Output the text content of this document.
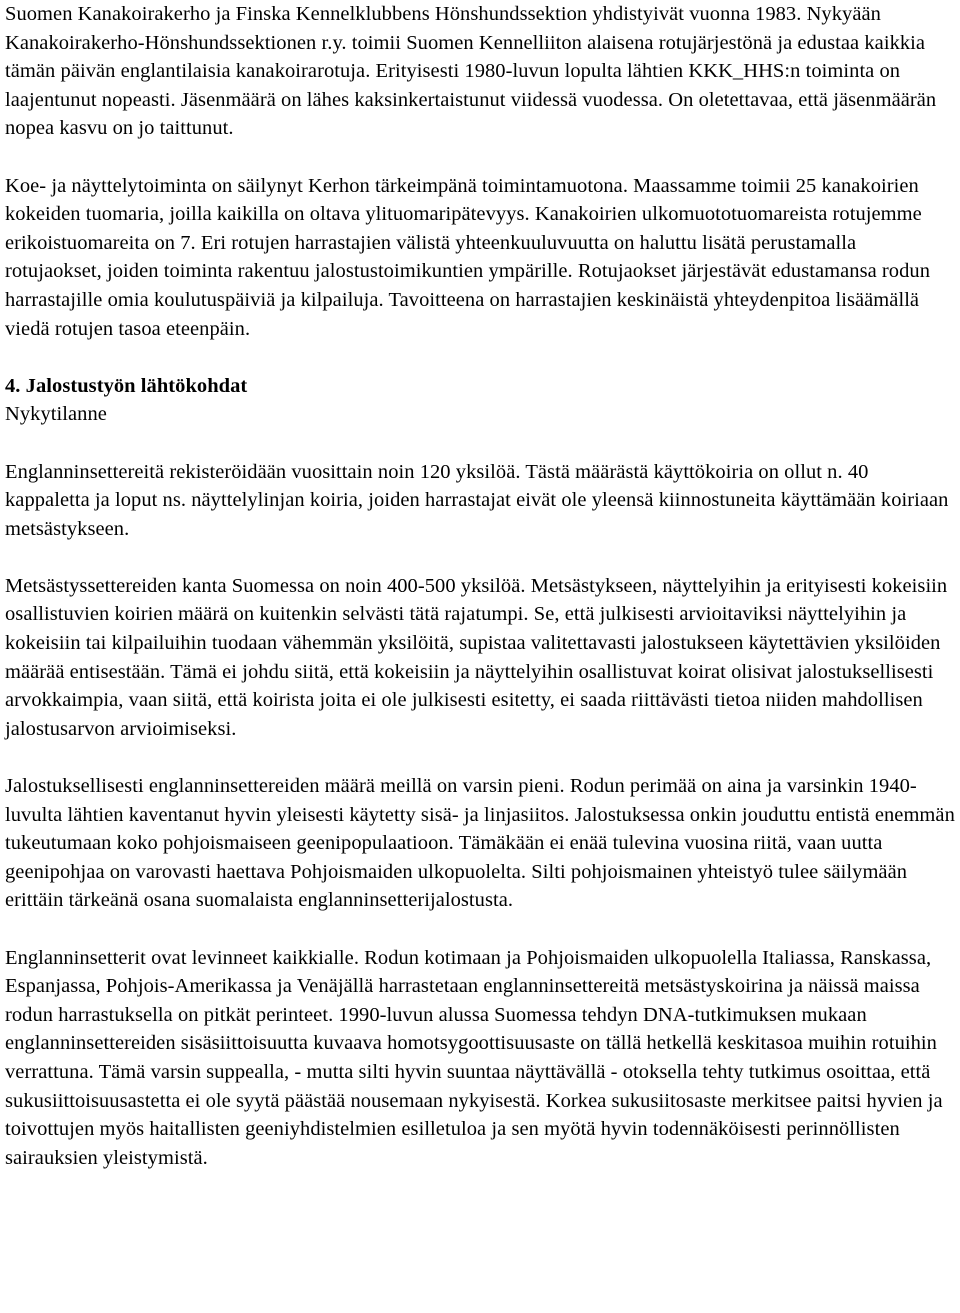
Suomen Kanakoirakerho ja Finska Kennelklubbens Hönshundssektion yhdistyivät vuonna 1983. Nykyään Kanakoirakerho-Hönshundssektionen r.y. toimii Suomen Kennelliiton alaisena rotujärjestönä ja edustaa kaikkia tämän päivän englantilaisia kanakoirarotuja. Erityisesti 1980-luvun lopulta lähtien KKK_HHS:n toiminta on laajentunut nopeasti. Jäsenmäärä on lähes kaksinkertaistunut viidessä vuodessa. On oletettavaa, että jäsenmäärän nopea kasvu on jo taittunut.

Koe- ja näyttelytoiminta on säilynyt Kerhon tärkeimpänä toimintamuotona. Maassamme toimii 25 kanakoirien kokeiden tuomaria, joilla kaikilla on oltava ylituomaripätevyys. Kanakoirien ulkomuototuomareista rotujemme erikoistuomareita on 7. Eri rotujen harrastajien välistä yhteenkuuluvuutta on haluttu lisätä perustamalla rotujaokset, joiden toiminta rakentuu jalostustoimikuntien ympärille. Rotujaokset järjestävät edustamansa rodun harrastajille omia koulutuspäiviä ja kilpailuja. Tavoitteena on harrastajien keskinäistä yhteydenpitoa lisäämällä viedä rotujen tasoa eteenpäin.

4. Jalostustyön lähtökohdat

Nykytilanne

Englanninsettereitä rekisteröidään vuosittain noin 120 yksilöä. Tästä määrästä käyttökoiria on ollut n. 40 kappaletta ja loput ns. näyttelylinjan koiria, joiden harrastajat eivät ole yleensä kiinnostuneita käyttämään koiriaan metsästykseen.

Metsästyssettereiden kanta Suomessa on noin 400-500 yksilöä. Metsästykseen, näyttelyihin ja erityisesti kokeisiin osallistuvien koirien määrä on kuitenkin selvästi tätä rajatumpi. Se, että julkisesti arvioitaviksi näyttelyihin ja kokeisiin tai kilpailuihin tuodaan vähemmän yksilöitä, supistaa valitettavasti jalostukseen käytettävien yksilöiden määrää entisestään. Tämä ei johdu siitä, että kokeisiin ja näyttelyihin osallistuvat koirat olisivat jalostuksellisesti arvokkaimpia, vaan siitä, että koirista joita ei ole julkisesti esitetty, ei saada riittävästi tietoa niiden mahdollisen jalostusarvon arvioimiseksi.

Jalostuksellisesti englanninsettereiden määrä meillä on varsin pieni. Rodun perimää on aina ja varsinkin 1940- luvulta lähtien kaventanut hyvin yleisesti käytetty sisä- ja linjasiitos. Jalostuksessa onkin jouduttu entistä enemmän tukeutumaan koko pohjoismaiseen geenipopulaatioon. Tämäkään ei enää tulevina vuosina riitä, vaan uutta geenipohjaa on varovasti haettava Pohjoismaiden ulkopuolelta. Silti pohjoismainen yhteistyö tulee säilymään erittäin tärkeänä osana suomalaista englanninsetterijalostusta.

Englanninsetterit ovat levinneet kaikkialle. Rodun kotimaan ja Pohjoismaiden ulkopuolella Italiassa, Ranskassa, Espanjassa, Pohjois-Amerikassa ja Venäjällä harrastetaan englanninsettereitä metsästyskoirina ja näissä maissa rodun harrastuksella on pitkät perinteet. 1990-luvun alussa Suomessa tehdyn DNA-tutkimuksen mukaan englanninsettereiden sisäsiittoisuutta kuvaava homotsygoottisuusaste on tällä hetkellä keskitasoa muihin rotuihin verrattuna. Tämä varsin suppealla, - mutta silti hyvin suuntaa näyttävällä - otoksella tehty tutkimus osoittaa, että sukusiittoisuusastetta ei ole syytä päästää nousemaan nykyisestä. Korkea sukusiitosaste merkitsee paitsi hyvien ja toivottujen myös haitallisten geeniyhdistelmien esilletuloa ja sen myötä hyvin todennäköisesti perinnöllisten sairauksien yleistymistä.
